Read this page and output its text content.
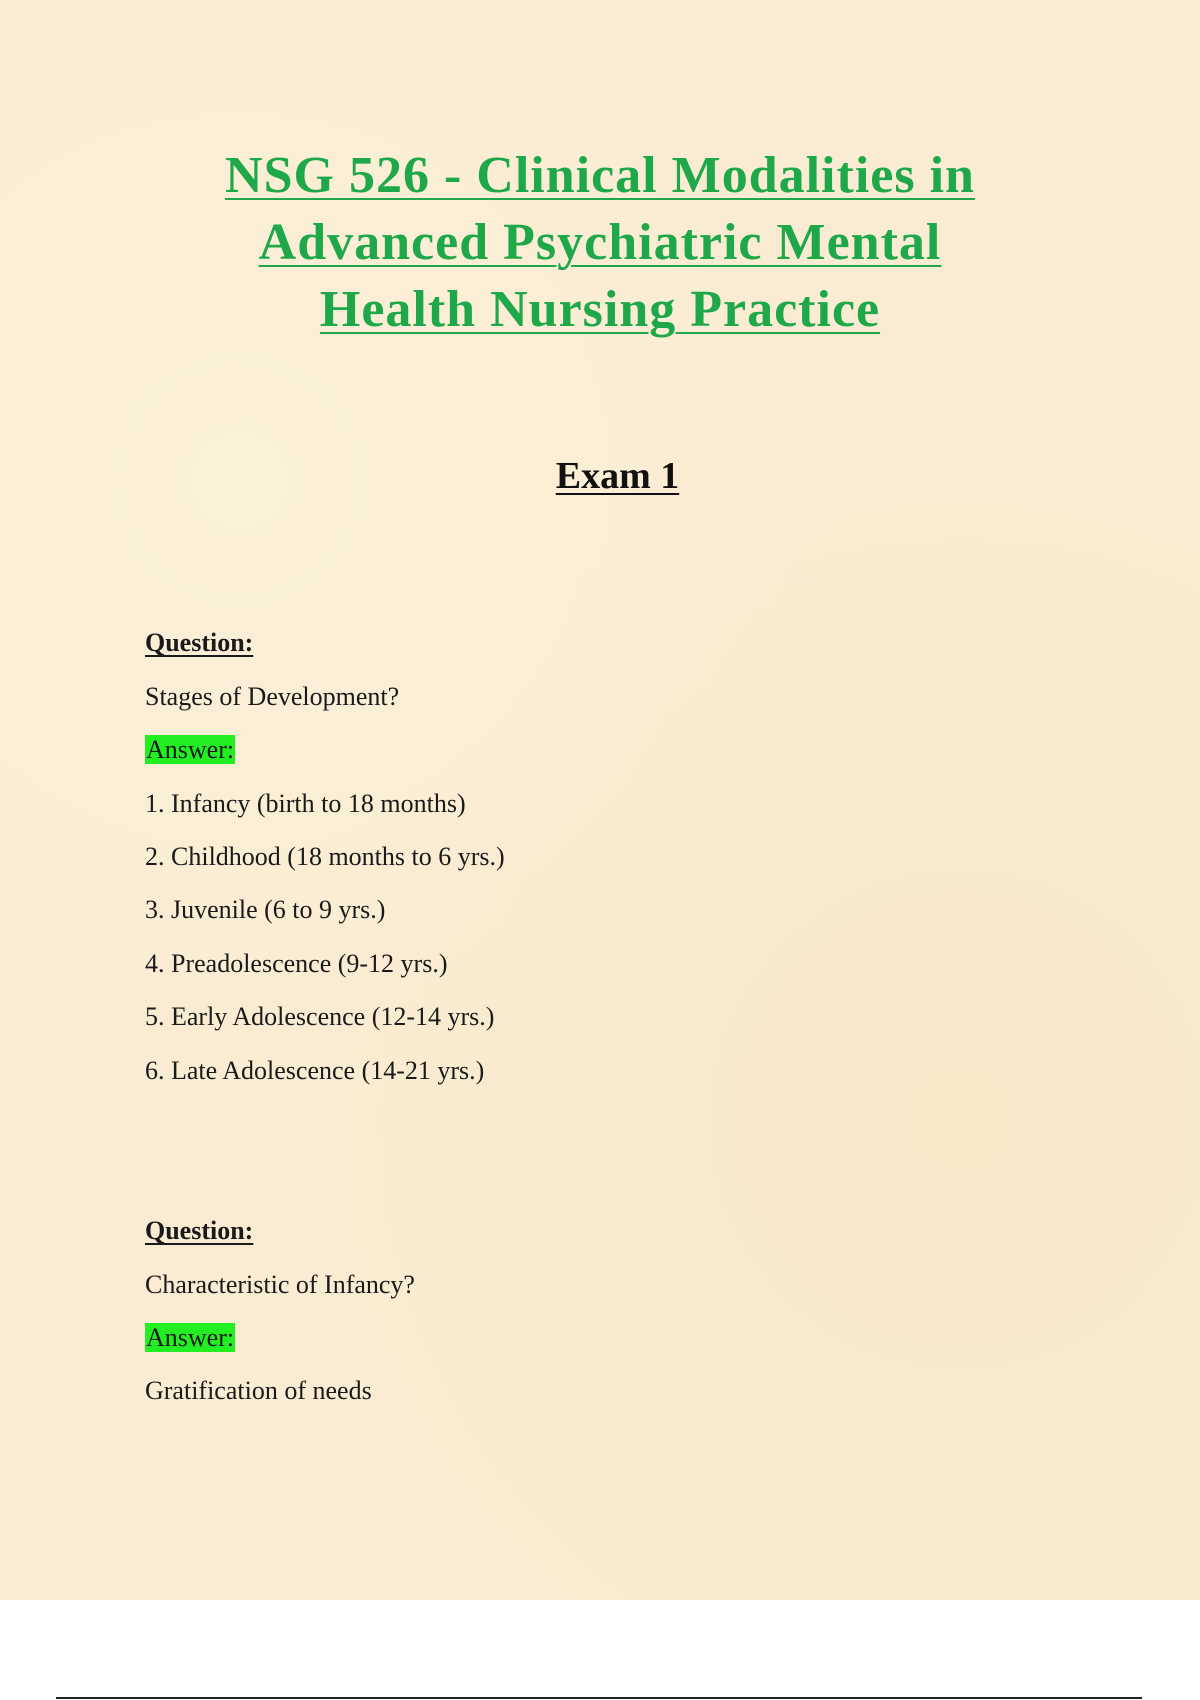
NSG 526 - Clinical Modalities in
Advanced Psychiatric Mental
Health Nursing Practice
Exam 1
Question:
Stages of Development?
Answer:
1. Infancy (birth to 18 months)
2. Childhood (18 months to 6 yrs.)
3. Juvenile (6 to 9 yrs.)
4. Preadolescence (9-12 yrs.)
5. Early Adolescence (12-14 yrs.)
6. Late Adolescence (14-21 yrs.)
Question:
Characteristic of Infancy?
Answer:
Gratification of needs
